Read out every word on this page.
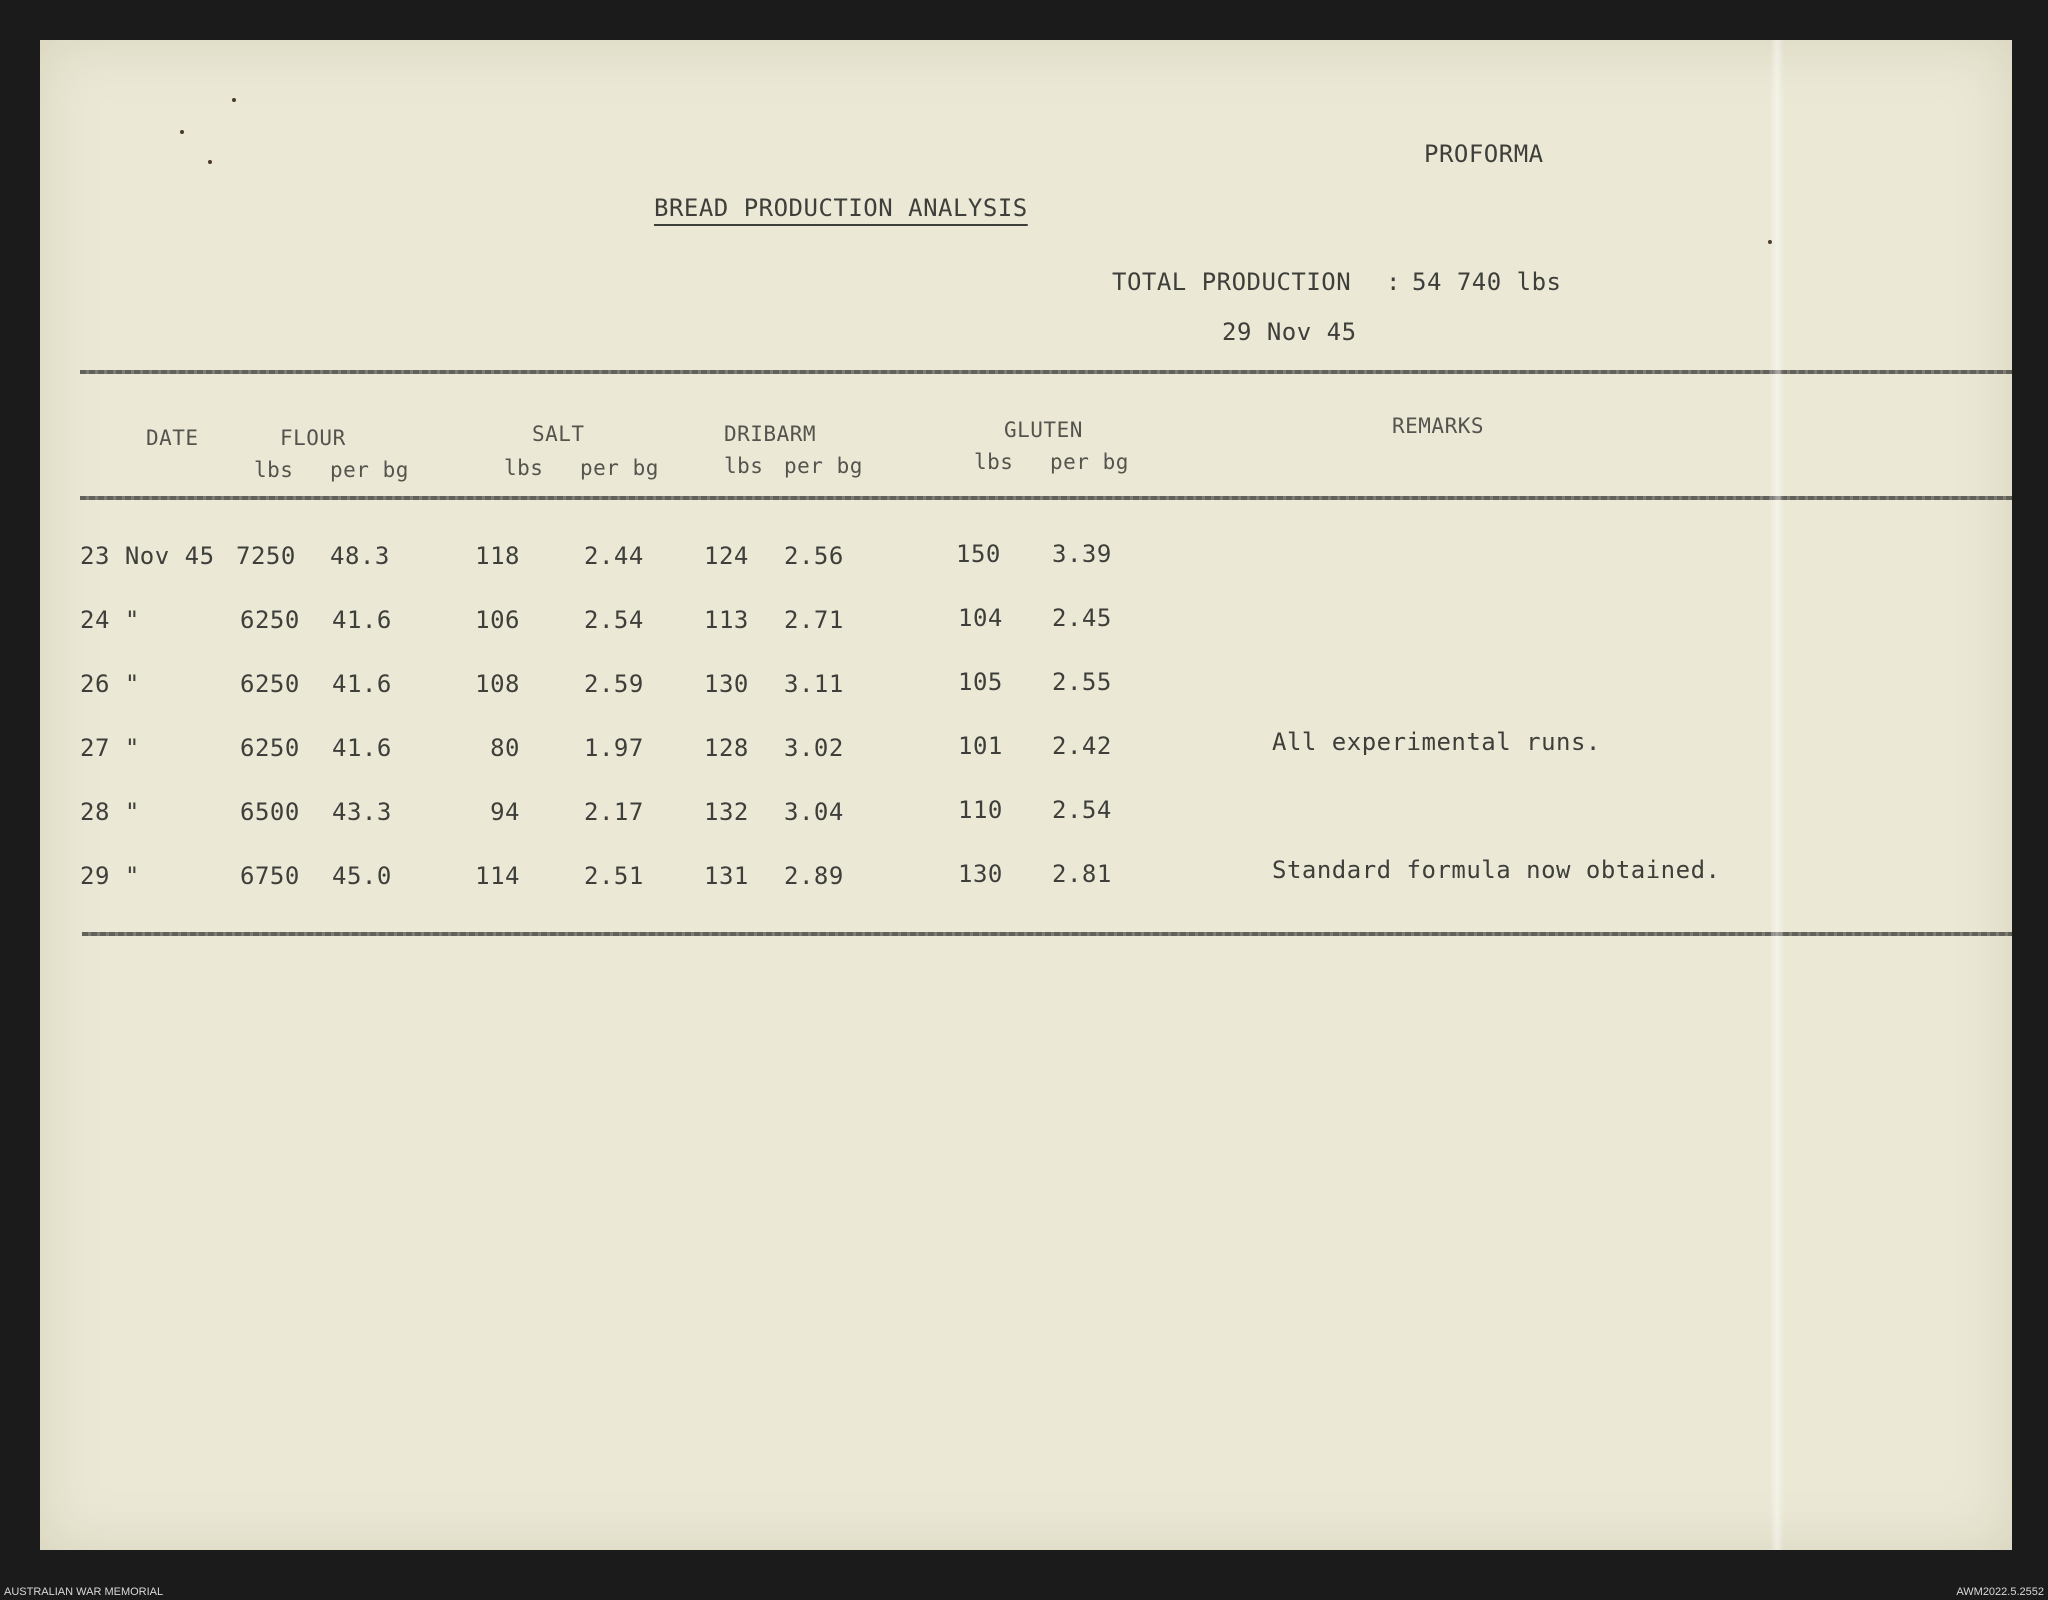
PROFORMA
BREAD PRODUCTION ANALYSIS
TOTAL PRODUCTION : 54 740 lbs
29 Nov 45
DATE	FLOUR	SALT	DRIBARM	GLUTEN	REMARKS
lbs per bg	lbs per bg	lbs per bg	lbs per bg
23 Nov 45 7250 48.3	118	2.44	124 2.56	150 3.39
24 "	6250 41.6	106	2.54	113 2.71	104 2.45
26 "	6250 41.6	108	2.59	130 3.11	105 2.55
27 "	6250 41.6	80	1.97	128 3.02	101 2.42	All experimental runs.
28 "	6500 43.3	94	2.17	132 3.04	110 2.54
29 "	6750 45.0	114	2.51	131 2.89	130 2.81	Standard formula now obtained.
AUSTRALIAN WAR MEMORIAL	AWM2022.5.2552
